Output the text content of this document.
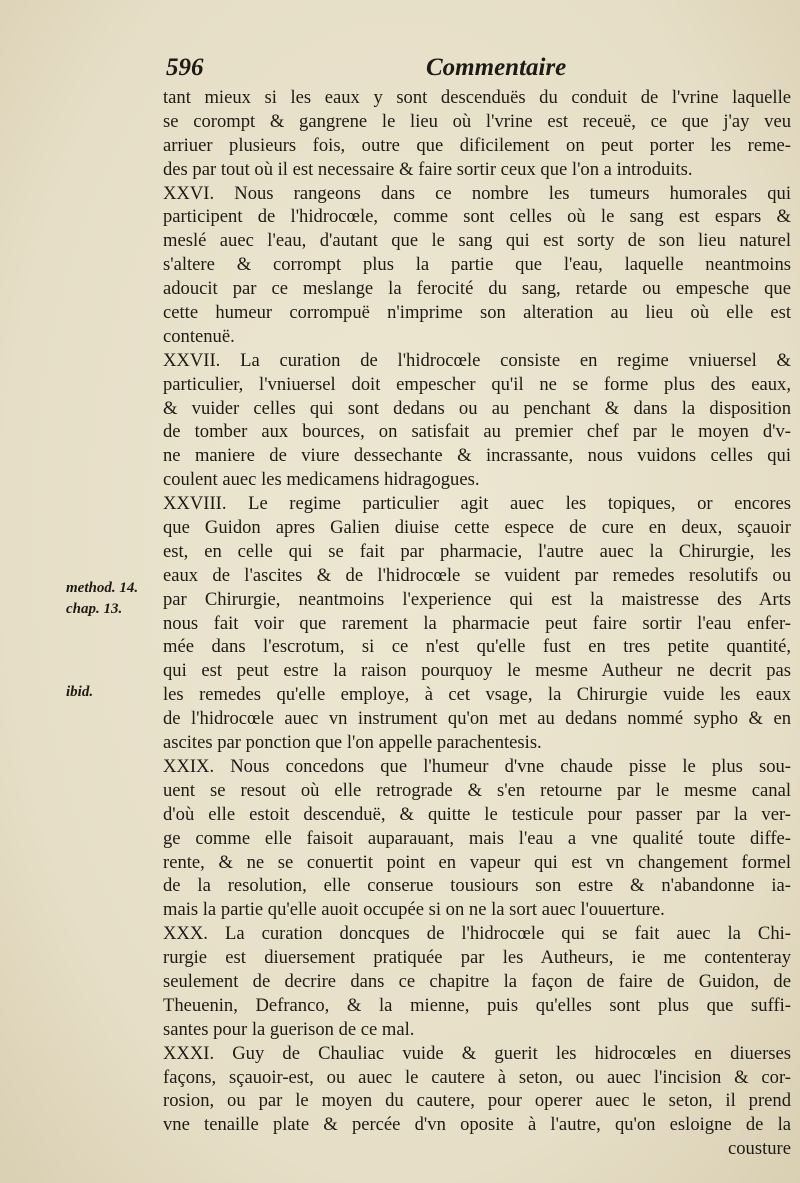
596	Commentaire
method. 14.
chap. 13.
ibid.
tant mieux si les eaux y sont descenduës du conduit de l'vrine laquelle
se corompt & gangrene le lieu où l'vrine est receuë, ce que j'ay veu
arriuer plusieurs fois, outre que dificilement on peut porter les reme-
des par tout où il est necessaire & faire sortir ceux que l'on a introduits.
XXVI. Nous rangeons dans ce nombre les tumeurs humorales qui
participent de l'hidrocœle, comme sont celles où le sang est espars &
meslé auec l'eau, d'autant que le sang qui est sorty de son lieu naturel
s'altere & corrompt plus la partie que l'eau, laquelle neantmoins
adoucit par ce meslange la ferocité du sang, retarde ou empesche que
cette humeur corrompuë n'imprime son alteration au lieu où elle est
contenuë.
XXVII. La curation de l'hidrocœle consiste en regime vniuersel &
particulier, l'vniuersel doit empescher qu'il ne se forme plus des eaux,
& vuider celles qui sont dedans ou au penchant & dans la disposition
de tomber aux bources, on satisfait au premier chef par le moyen d'v-
ne maniere de viure dessechante & incrassante, nous vuidons celles qui
coulent auec les medicamens hidragogues.
XXVIII. Le regime particulier agit auec les topiques, or encores
que Guidon apres Galien diuise cette espece de cure en deux, sçauoir
est, en celle qui se fait par pharmacie, l'autre auec la Chirurgie, les
eaux de l'ascites & de l'hidrocœle se vuident par remedes resolutifs ou
par Chirurgie, neantmoins l'experience qui est la maistresse des Arts
nous fait voir que rarement la pharmacie peut faire sortir l'eau enfer-
mée dans l'escrotum, si ce n'est qu'elle fust en tres petite quantité,
qui est peut estre la raison pourquoy le mesme Autheur ne decrit pas
les remedes qu'elle employe, à cet vsage, la Chirurgie vuide les eaux
de l'hidrocœle auec vn instrument qu'on met au dedans nommé sypho & en
ascites par ponction que l'on appelle parachentesis.
XXIX. Nous concedons que l'humeur d'vne chaude pisse le plus sou-
uent se resout où elle retrograde & s'en retourne par le mesme canal
d'où elle estoit descenduë, & quitte le testicule pour passer par la ver-
ge comme elle faisoit auparauant, mais l'eau a vne qualité toute diffe-
rente, & ne se conuertit point en vapeur qui est vn changement formel
de la resolution, elle conserue tousiours son estre & n'abandonne ia-
mais la partie qu'elle auoit occupée si on ne la sort auec l'ouuerture.
XXX. La curation doncques de l'hidrocœle qui se fait auec la Chi-
rurgie est diuersement pratiquée par les Autheurs, ie me contenteray
seulement de decrire dans ce chapitre la façon de faire de Guidon, de
Theuenin, Defranco, & la mienne, puis qu'elles sont plus que suffi-
santes pour la guerison de ce mal.
XXXI. Guy de Chauliac vuide & guerit les hidrocœles en diuerses
façons, sçauoir-est, ou auec le cautere à seton, ou auec l'incision & cor-
rosion, ou par le moyen du cautere, pour operer auec le seton, il prend
vne tenaille plate & percée d'vn oposite à l'autre, qu'on esloigne de la
cousture
